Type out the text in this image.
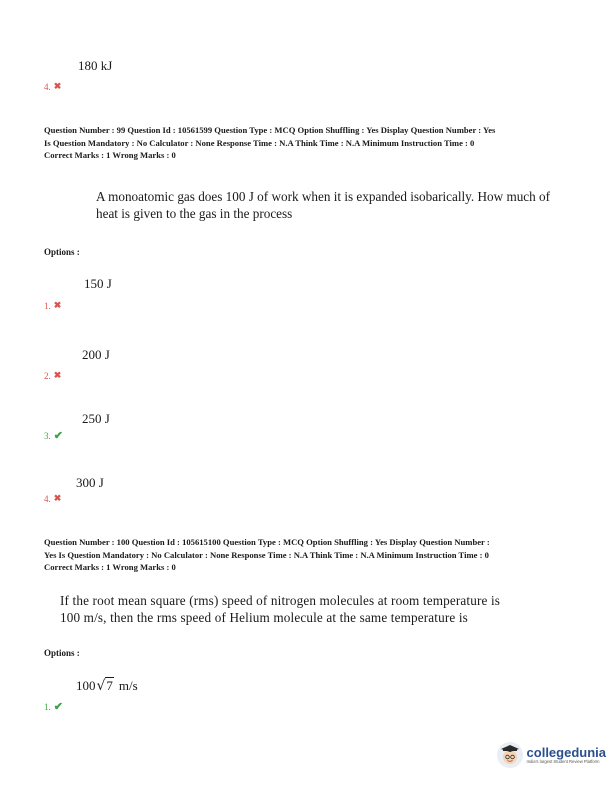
180 kJ
4. ✖
Question Number : 99 Question Id : 10561599 Question Type : MCQ Option Shuffling : Yes Display Question Number : Yes
Is Question Mandatory : No Calculator : None Response Time : N.A Think Time : N.A Minimum Instruction Time : 0
Correct Marks : 1 Wrong Marks : 0
A monoatomic gas does 100 J of work when it is expanded isobarically. How much of
heat is given to the gas in the process
Options :
150 J
1. ✖
200 J
2. ✖
250 J
3. ✔
300 J
4. ✖
Question Number : 100 Question Id : 105615100 Question Type : MCQ Option Shuffling : Yes Display Question Number :
Yes Is Question Mandatory : No Calculator : None Response Time : N.A Think Time : N.A Minimum Instruction Time : 0
Correct Marks : 1 Wrong Marks : 0
If the root mean square (rms) speed of nitrogen molecules at room temperature is
100 m/s, then the rms speed of Helium molecule at the same temperature is
Options :
100 √7 m/s
1. ✔
collegedunia
India's largest Student Review Platform
